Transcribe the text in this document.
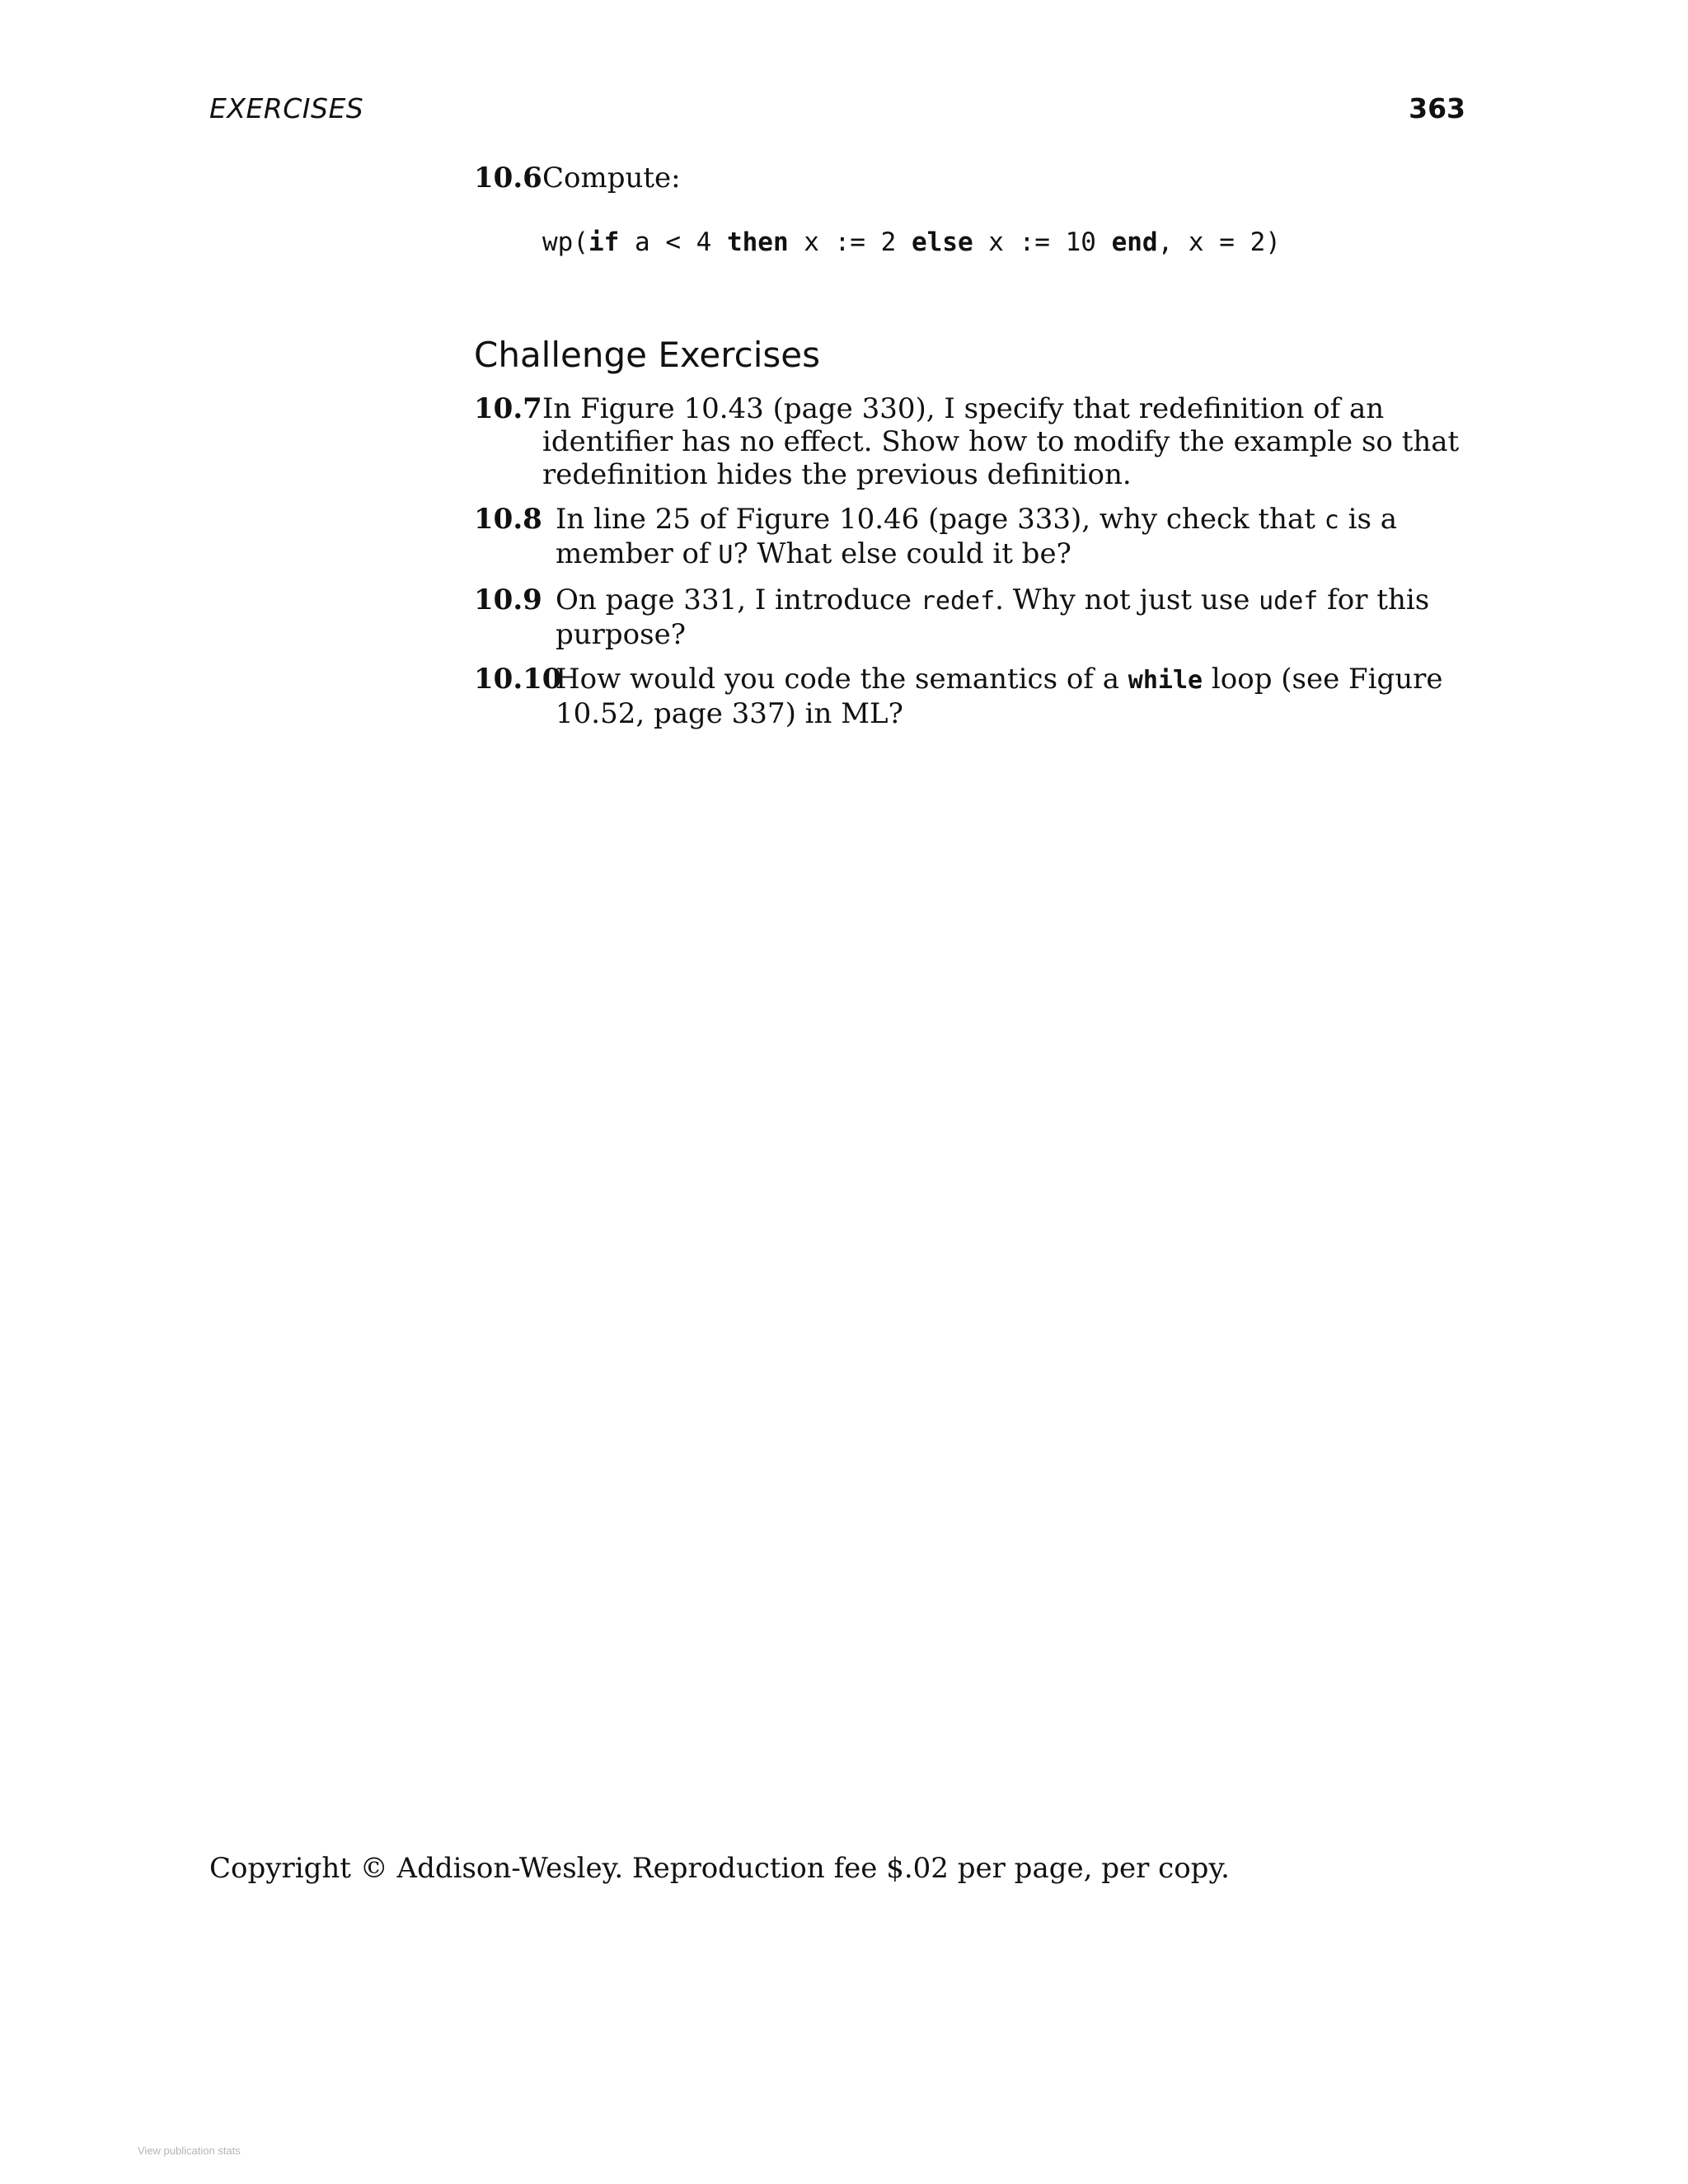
EXERCISES	363
10.6 Compute:
wp(if a < 4 then x := 2 else x := 10 end, x = 2)
Challenge Exercises
10.7 In Figure 10.43 (page 330), I specify that redefinition of an identifier has no effect. Show how to modify the example so that redefinition hides the previous definition.
10.8 In line 25 of Figure 10.46 (page 333), why check that c is a member of U? What else could it be?
10.9 On page 331, I introduce redef. Why not just use udef for this purpose?
10.10
How would you code the semantics of a while loop (see Figure 10.52, page 337) in ML?
Copyright © Addison-Wesley. Reproduction fee $.02 per page, per copy.
View publication stats
